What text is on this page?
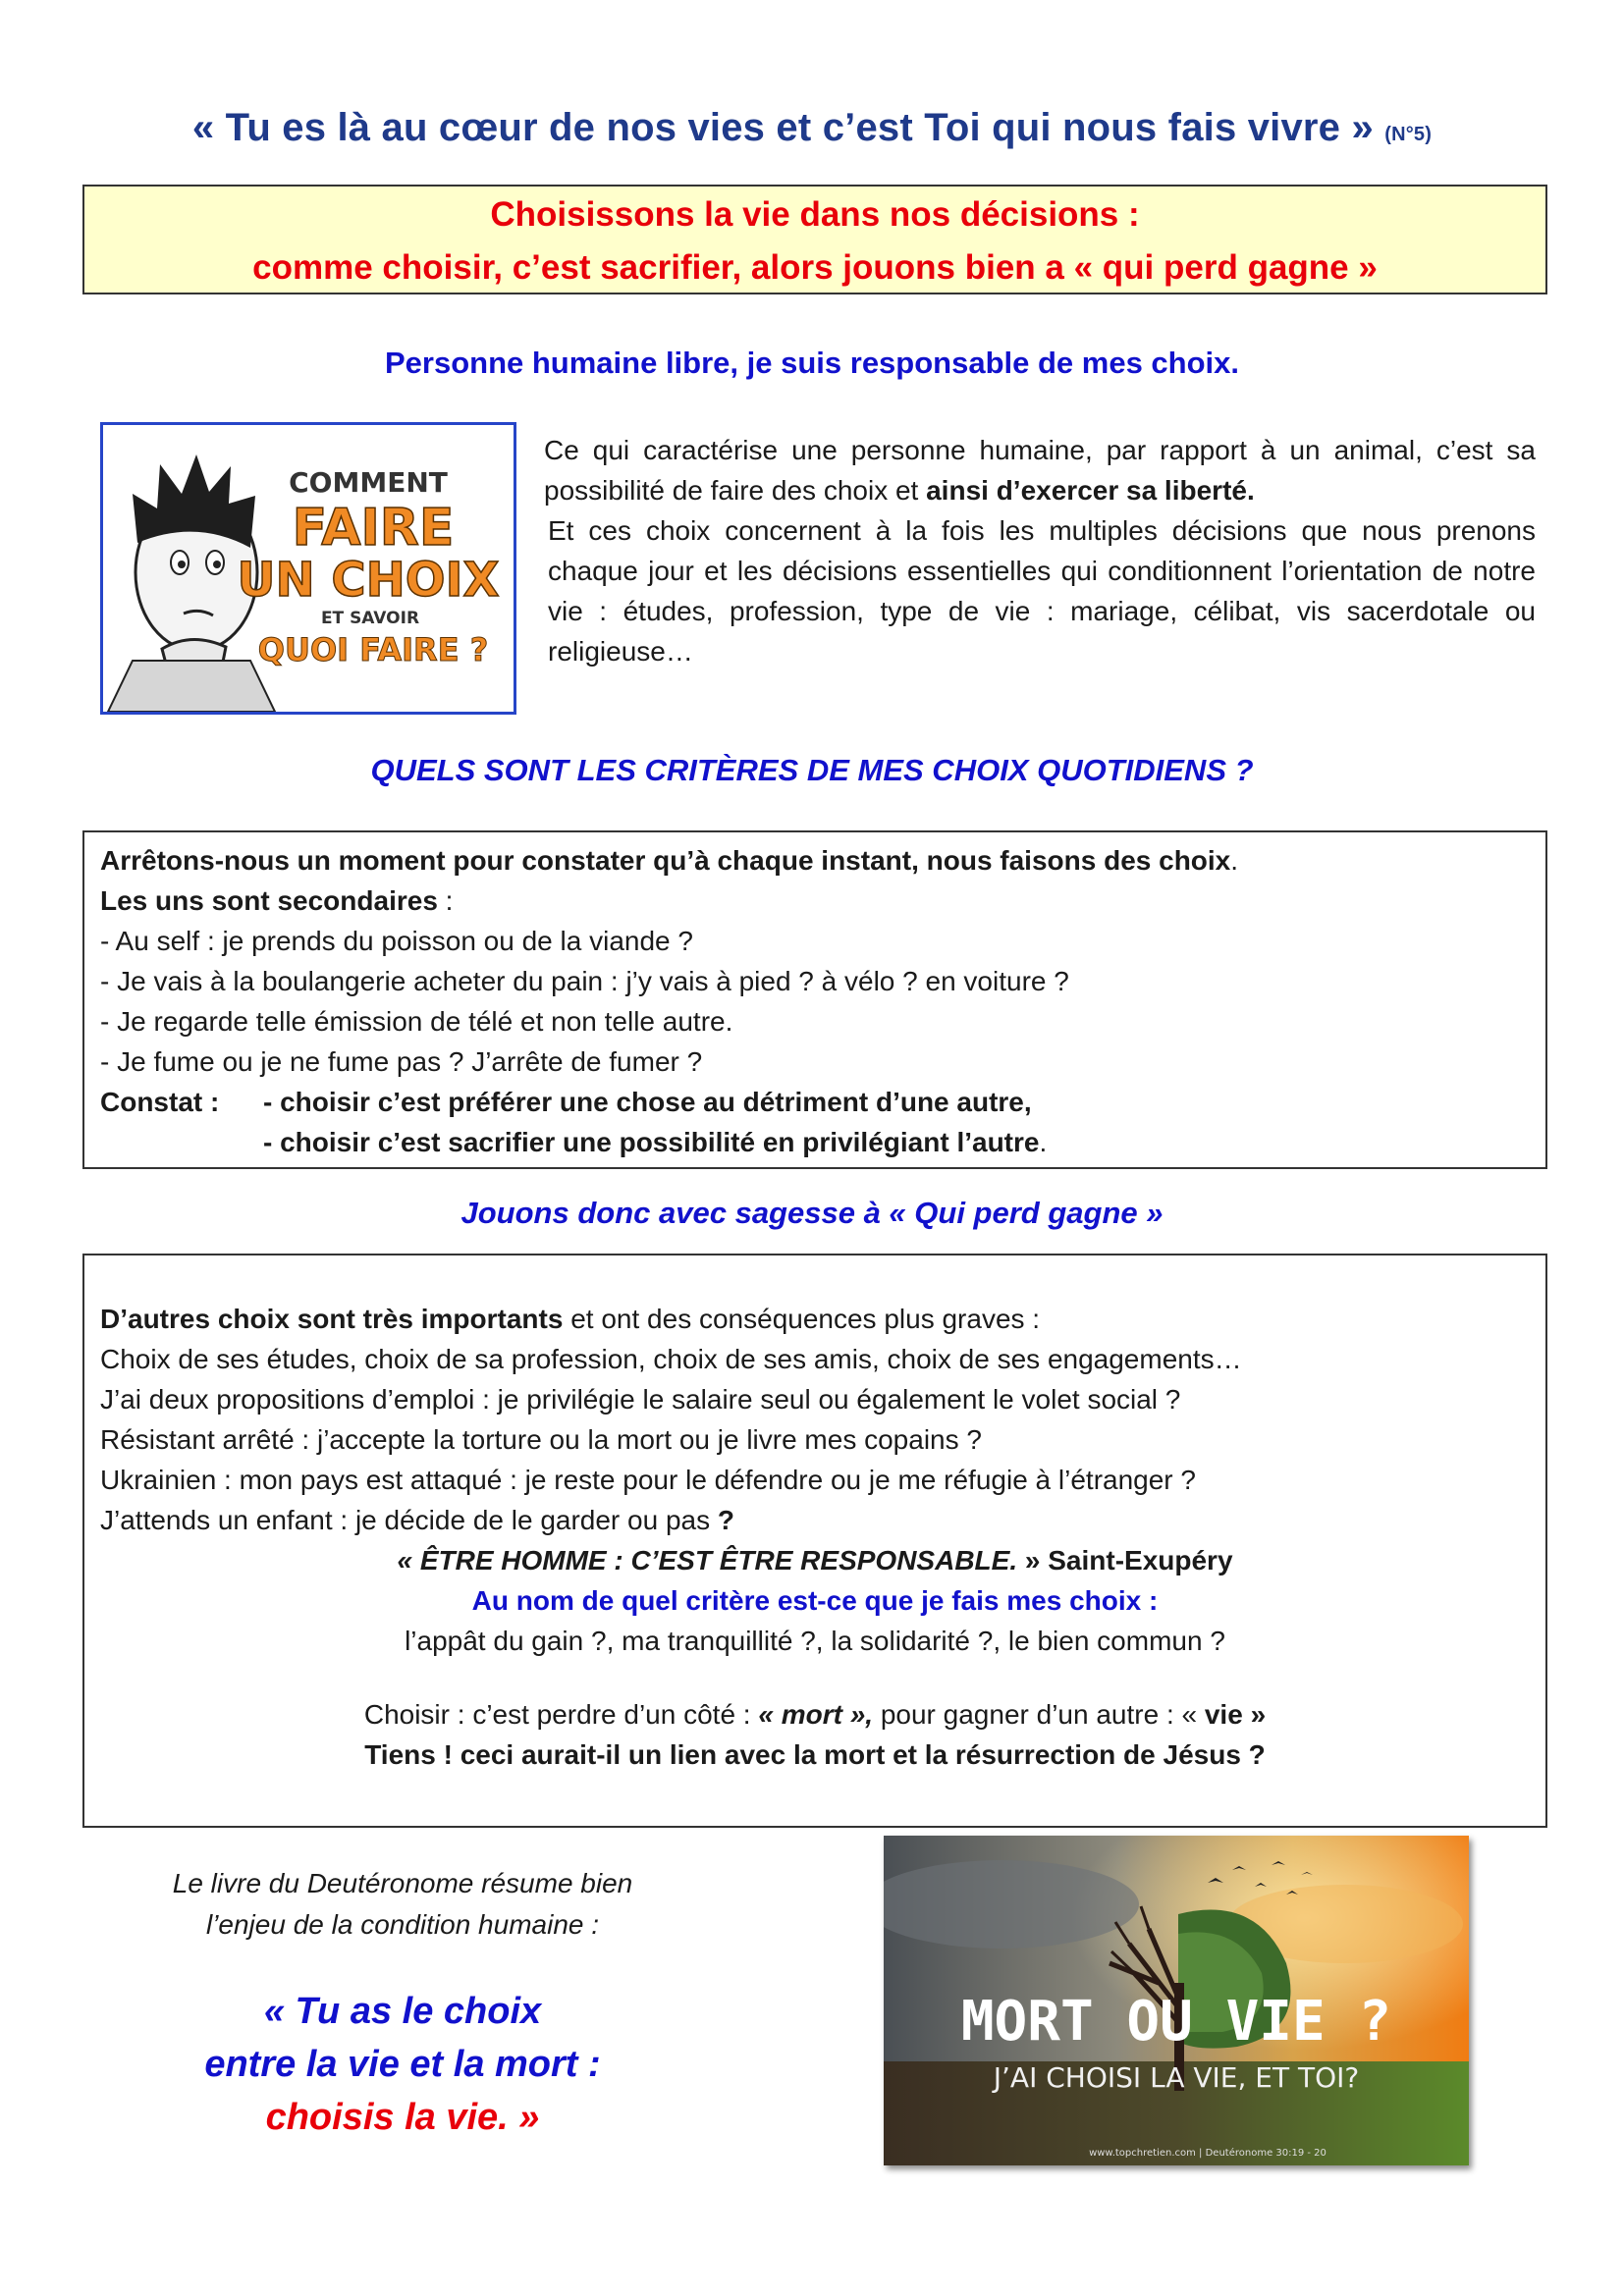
« Tu es là au cœur de nos vies et c’est Toi qui nous fais vivre » (N°5)
Choisissons la vie dans nos décisions :
comme choisir, c’est sacrifier, alors jouons bien a « qui perd gagne »
Personne humaine libre, je suis responsable de mes choix.
COMMENT
FAIRE
UN CHOIX
ET SAVOIR
QUOI FAIRE ?
Ce qui caractérise une personne humaine, par rapport à un animal, c’est sa possibilité de faire des choix et ainsi d’exercer sa liberté.
Et ces choix concernent à la fois les multiples décisions que nous prenons chaque jour et les décisions essentielles qui conditionnent l’orientation de notre vie : études, profession, type de vie : mariage, célibat, vis sacerdotale ou religieuse…
QUELS SONT LES CRITÈRES DE MES CHOIX QUOTIDIENS ?
Arrêtons-nous un moment pour constater qu’à chaque instant, nous faisons des choix.
Les uns sont secondaires :
- Au self : je prends du poisson ou de la viande ?
- Je vais à la boulangerie acheter du pain : j’y vais à pied ? à vélo ? en voiture ?
- Je regarde telle émission de télé et non telle autre.
- Je fume ou je ne fume pas ? J’arrête de fumer ?
Constat :	- choisir c’est préférer une chose au détriment d’une autre,
- choisir c’est sacrifier une possibilité en privilégiant l’autre.
Jouons donc avec sagesse à « Qui perd gagne »
D’autres choix sont très importants et ont des conséquences plus graves :
Choix de ses études, choix de sa profession, choix de ses amis, choix de ses engagements…
J’ai deux propositions d’emploi : je privilégie le salaire seul ou également le volet social ?
Résistant arrêté : j’accepte la torture ou la mort ou je livre mes copains ?
Ukrainien : mon pays est attaqué : je reste pour le défendre ou je me réfugie à l’étranger ?
J’attends un enfant : je décide de le garder ou pas ?
« ÊTRE HOMME : C’EST ÊTRE RESPONSABLE. » Saint-Exupéry
Au nom de quel critère est-ce que je fais mes choix :
l’appât du gain ?, ma tranquillité ?, la solidarité ?, le bien commun ?
Choisir : c’est perdre d’un côté : « mort », pour gagner d’un autre : « vie »
Tiens ! ceci aurait-il un lien avec la mort et la résurrection de Jésus ?
Le livre du Deutéronome résume bien
l’enjeu de la condition humaine :
« Tu as le choix
entre la vie et la mort :
choisis la vie. »
MORT OU VIE ?
J’AI CHOISI LA VIE, ET TOI?
www.topchretien.com | Deutéronome 30:19 - 20
